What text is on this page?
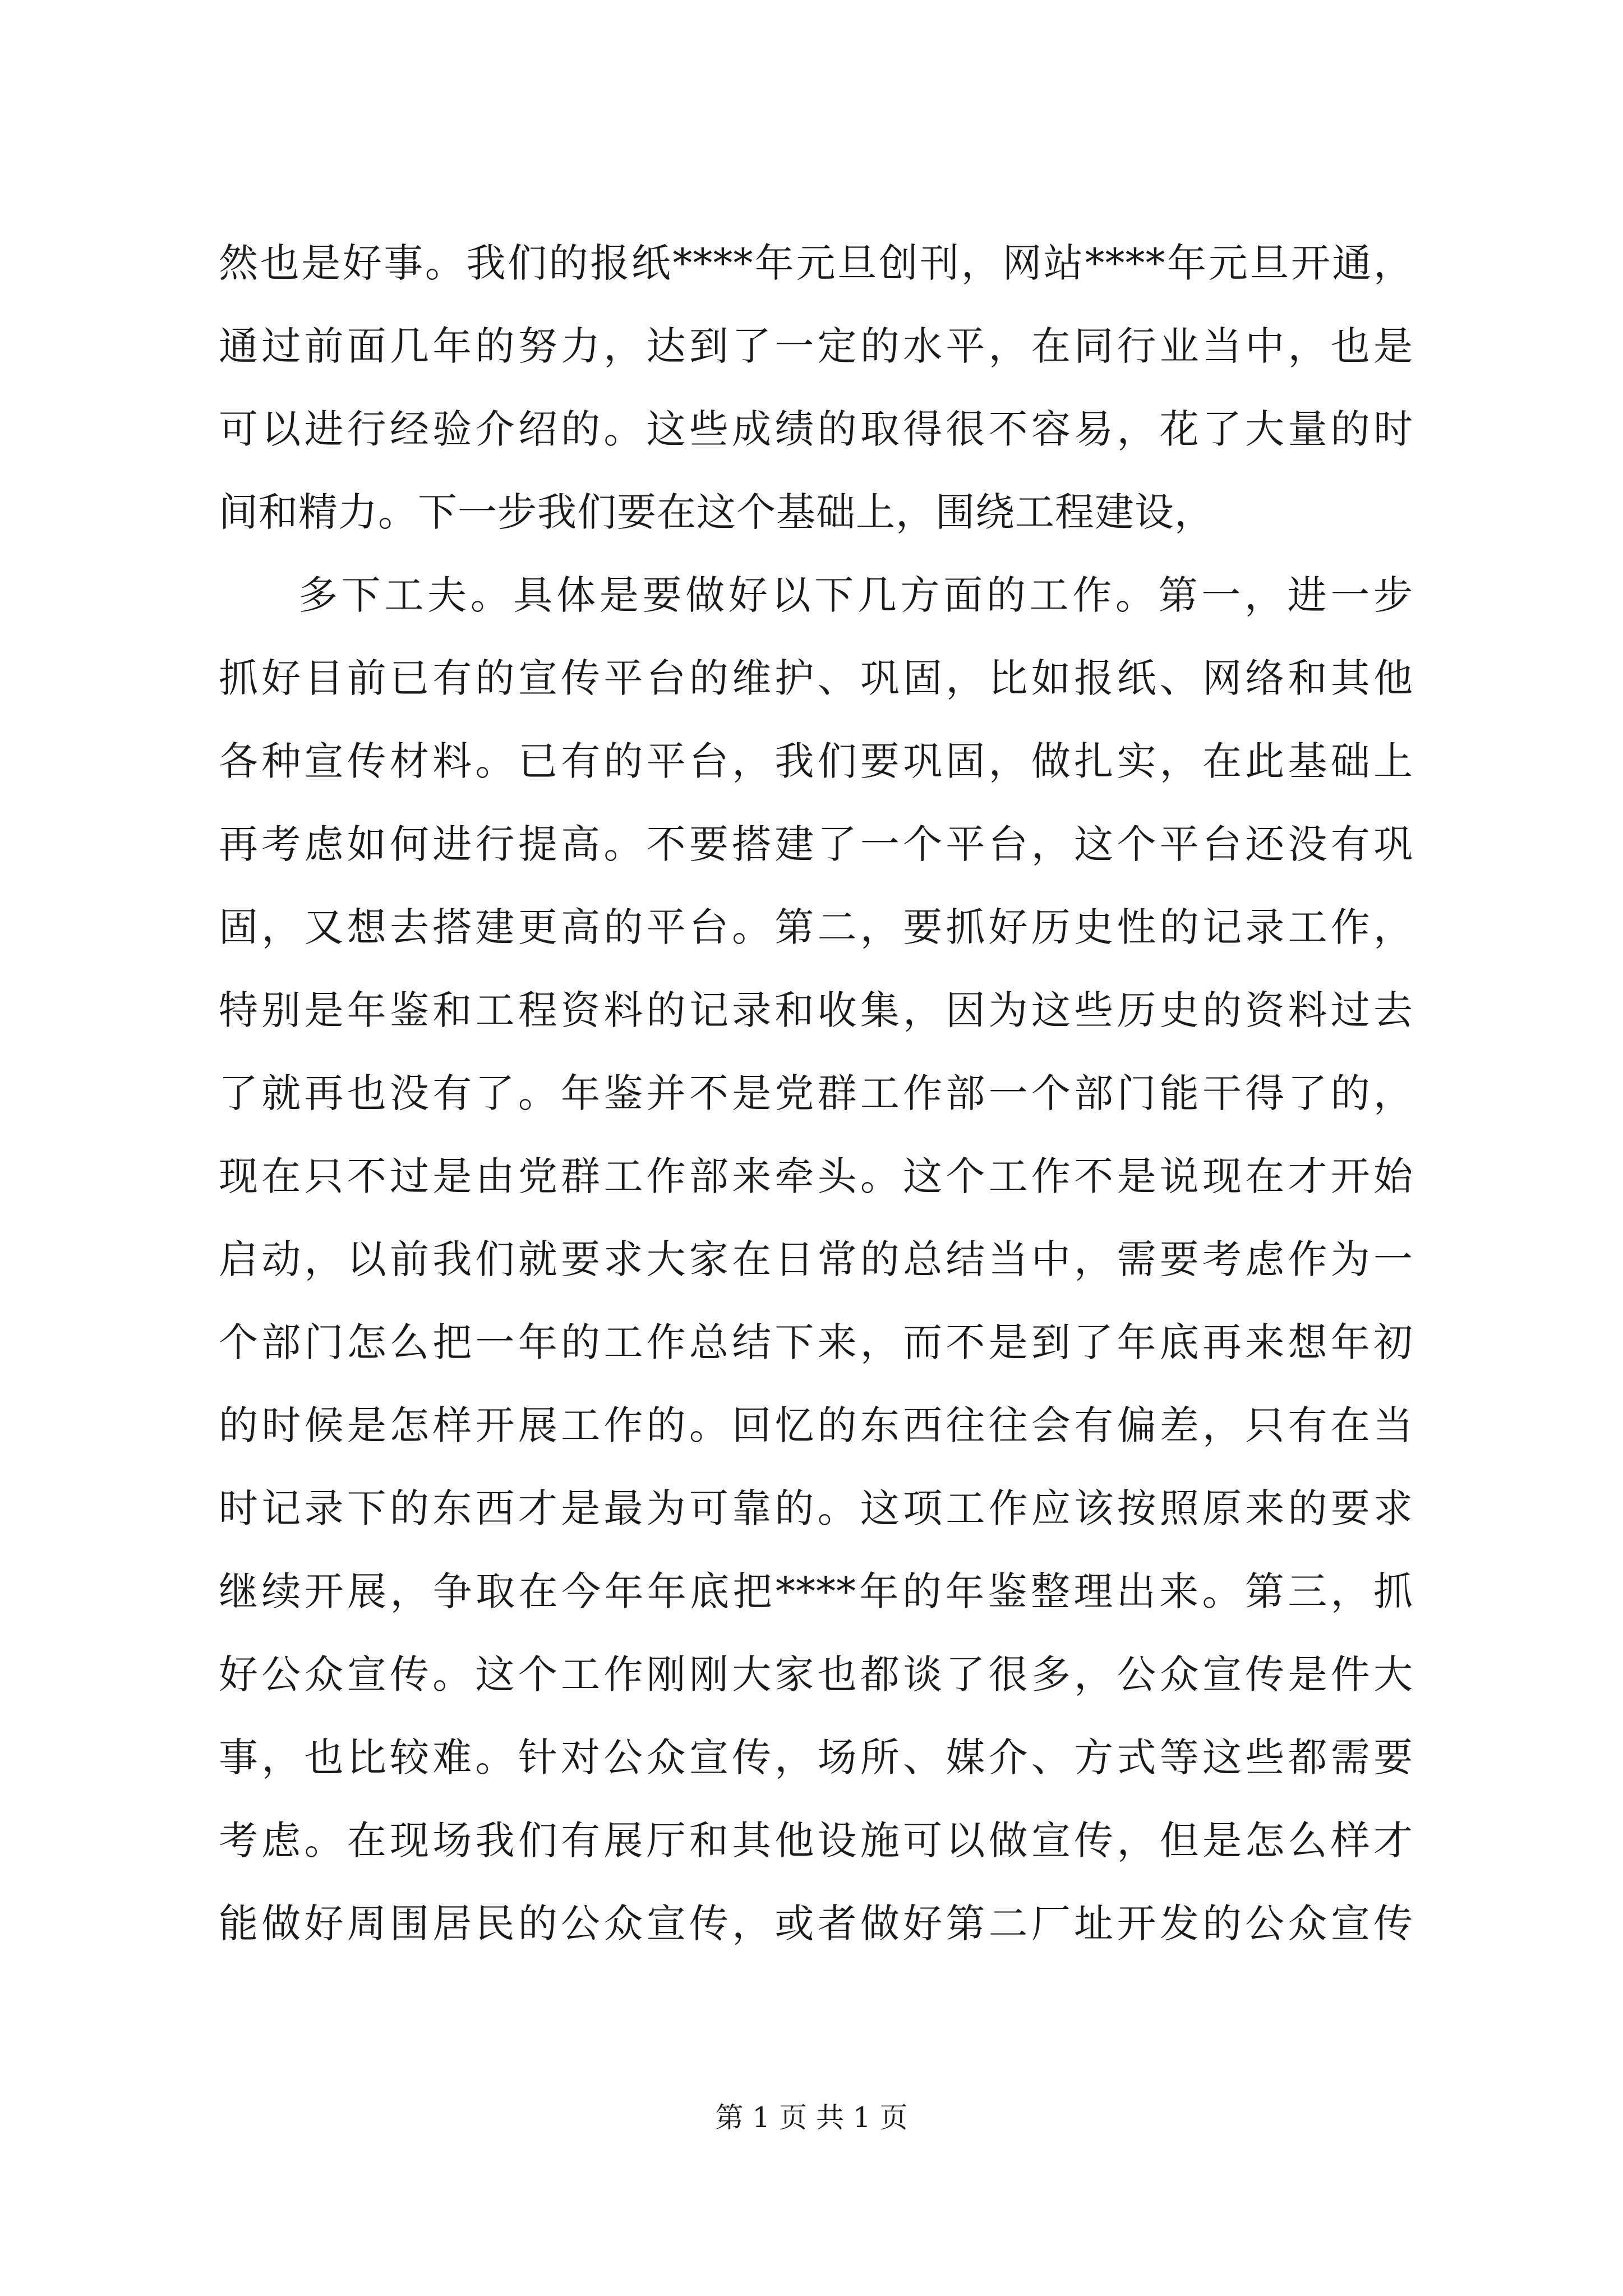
然也是好事。我们的报纸****年元旦创刊，网站****年元旦开通，
通过前面几年的努力，达到了一定的水平，在同行业当中，也是
可以进行经验介绍的。这些成绩的取得很不容易，花了大量的时
间和精力。下一步我们要在这个基础上，围绕工程建设，
多下工夫。具体是要做好以下几方面的工作。第一，进一步
抓好目前已有的宣传平台的维护、巩固，比如报纸、网络和其他
各种宣传材料。已有的平台，我们要巩固，做扎实，在此基础上
再考虑如何进行提高。不要搭建了一个平台，这个平台还没有巩
固，又想去搭建更高的平台。第二，要抓好历史性的记录工作，
特别是年鉴和工程资料的记录和收集，因为这些历史的资料过去
了就再也没有了。年鉴并不是党群工作部一个部门能干得了的，
现在只不过是由党群工作部来牵头。这个工作不是说现在才开始
启动，以前我们就要求大家在日常的总结当中，需要考虑作为一
个部门怎么把一年的工作总结下来，而不是到了年底再来想年初
的时候是怎样开展工作的。回忆的东西往往会有偏差，只有在当
时记录下的东西才是最为可靠的。这项工作应该按照原来的要求
继续开展，争取在今年年底把****年的年鉴整理出来。第三，抓
好公众宣传。这个工作刚刚大家也都谈了很多，公众宣传是件大
事，也比较难。针对公众宣传，场所、媒介、方式等这些都需要
考虑。在现场我们有展厅和其他设施可以做宣传，但是怎么样才
能做好周围居民的公众宣传，或者做好第二厂址开发的公众宣传
第 1 页 共 1 页
